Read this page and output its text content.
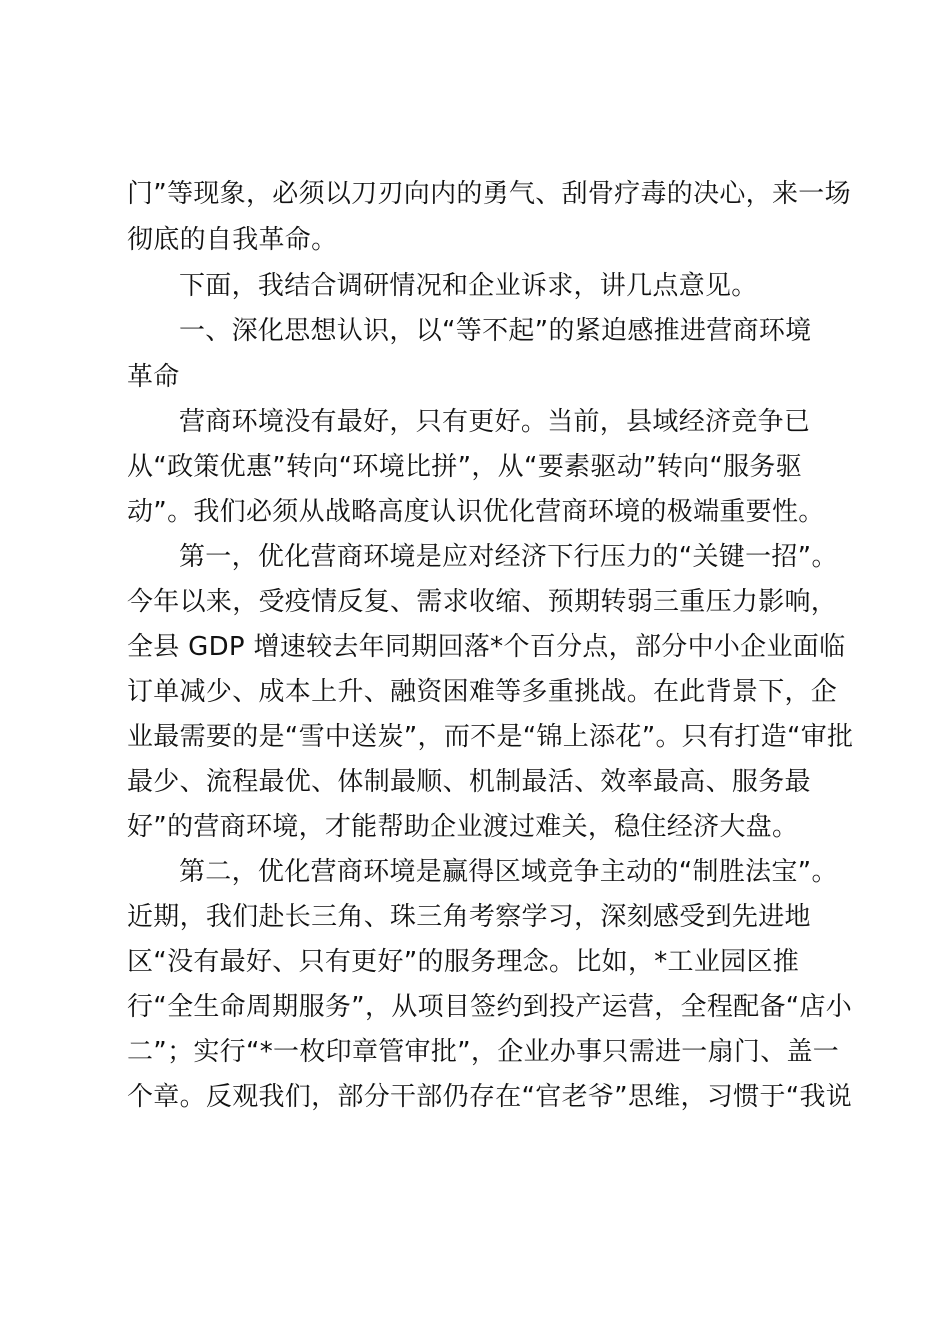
门”等现象，必须以刀刃向内的勇气、刮骨疗毒的决心，来一场
彻底的自我革命。
下面，我结合调研情况和企业诉求，讲几点意见。
一、深化思想认识，以“等不起”的紧迫感推进营商环境
革命
营商环境没有最好，只有更好。当前，县域经济竞争已
从“政策优惠”转向“环境比拼”，从“要素驱动”转向“服务驱
动”。我们必须从战略高度认识优化营商环境的极端重要性。
第一，优化营商环境是应对经济下行压力的“关键一招”。
今年以来，受疫情反复、需求收缩、预期转弱三重压力影响，
全县 GDP 增速较去年同期回落*个百分点，部分中小企业面临
订单减少、成本上升、融资困难等多重挑战。在此背景下，企
业最需要的是“雪中送炭”，而不是“锦上添花”。只有打造“审批
最少、流程最优、体制最顺、机制最活、效率最高、服务最
好”的营商环境，才能帮助企业渡过难关，稳住经济大盘。
第二，优化营商环境是赢得区域竞争主动的“制胜法宝”。
近期，我们赴长三角、珠三角考察学习，深刻感受到先进地
区“没有最好、只有更好”的服务理念。比如，*工业园区推
行“全生命周期服务”，从项目签约到投产运营，全程配备“店小
二”；实行“*一枚印章管审批”，企业办事只需进一扇门、盖一
个章。反观我们，部分干部仍存在“官老爷”思维，习惯于“我说
